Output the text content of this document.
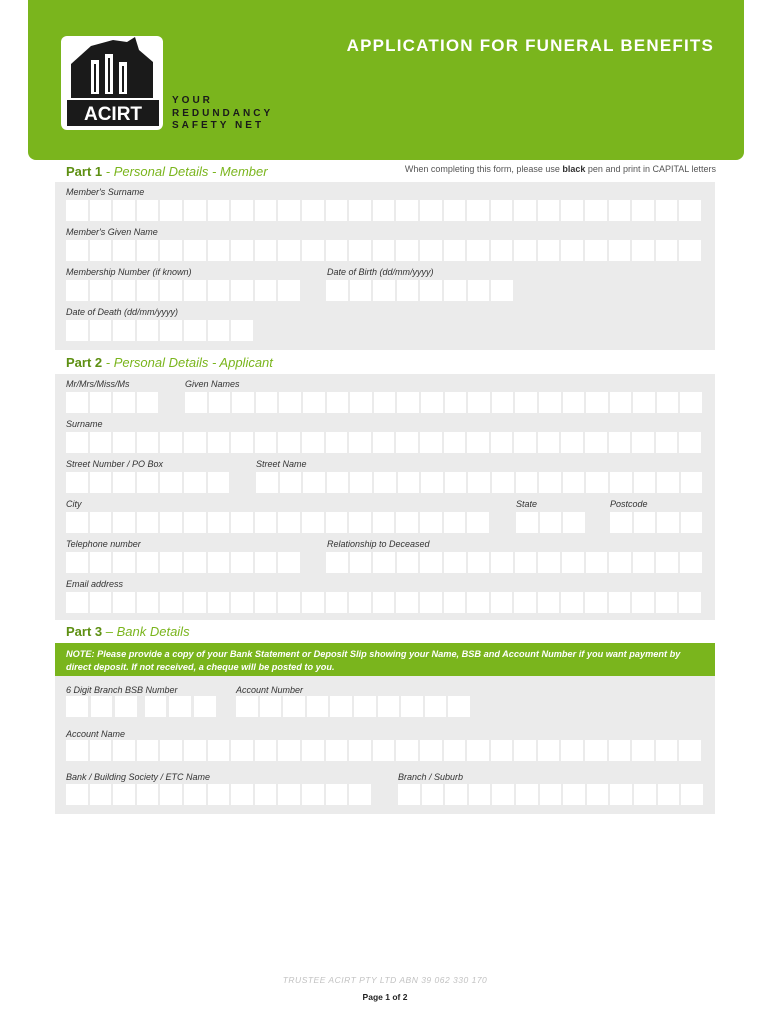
ACIRT
YOUR
REDUNDANCY
SAFETY NET
APPLICATION FOR FUNERAL BENEFITS
Part 1 - Personal Details - Member	When completing this form, please use black pen and print in CAPITAL letters
Member's Surname
Member's Given Name
Membership Number (if known)	Date of Birth (dd/mm/yyyy)
Date of Death (dd/mm/yyyy)
Part 2 - Personal Details - Applicant
Mr/Mrs/Miss/Ms	Given Names
Surname
Street Number / PO Box	Street Name
City	State	Postcode
Telephone number	Relationship to Deceased
Email address
Part 3 – Bank Details
NOTE: Please provide a copy of your Bank Statement or Deposit Slip showing your Name, BSB and Account Number if you want payment by direct deposit. If not received, a cheque will be posted to you.
6 Digit Branch BSB Number	Account Number
Account Name
Bank / Building Society / ETC Name	Branch / Suburb
TRUSTEE ACIRT PTY LTD ABN 39 062 330 170
Page 1 of 2
